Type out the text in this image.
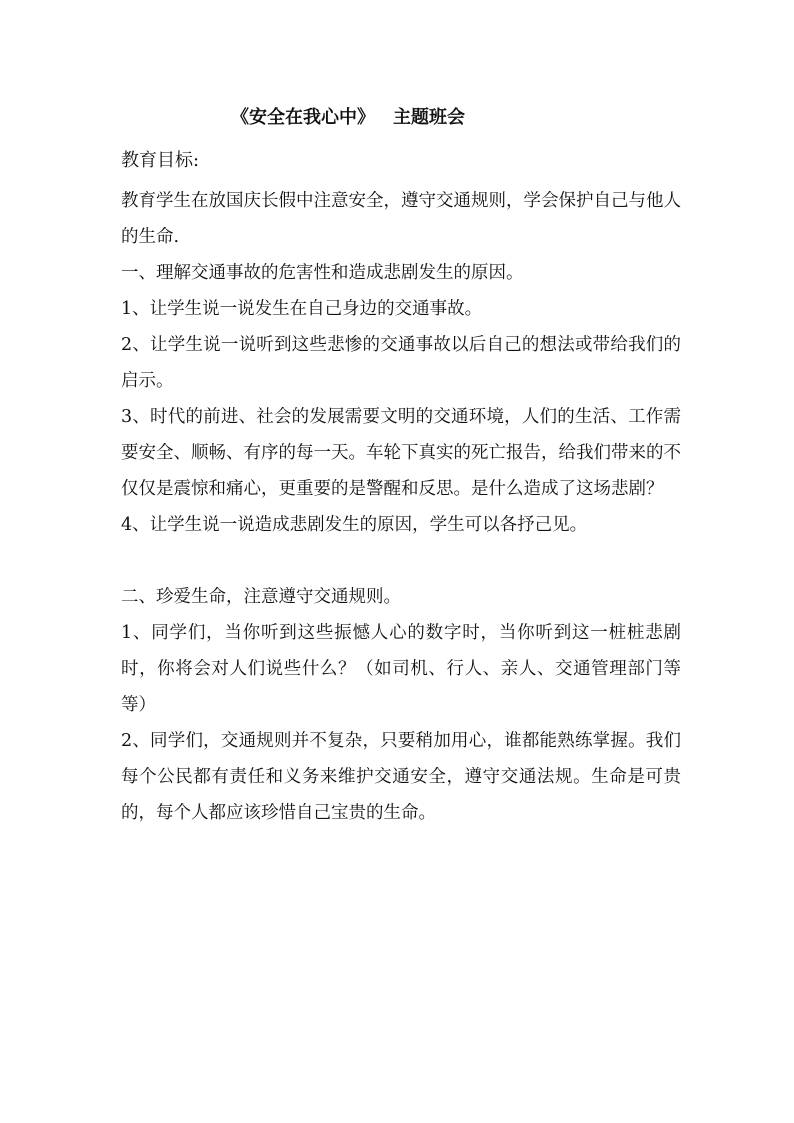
《安全在我心中》 主题班会
教育目标:

教育学生在放国庆长假中注意安全，遵守交通规则，学会保护自己与他人的生命.

一、理解交通事故的危害性和造成悲剧发生的原因。

1、让学生说一说发生在自己身边的交通事故。

2、让学生说一说听到这些悲惨的交通事故以后自己的想法或带给我们的启示。

3、时代的前进、社会的发展需要文明的交通环境，人们的生活、工作需要安全、顺畅、有序的每一天。车轮下真实的死亡报告，给我们带来的不仅仅是震惊和痛心，更重要的是警醒和反思。是什么造成了这场悲剧？

4、让学生说一说造成悲剧发生的原因，学生可以各抒己见。

二、珍爱生命，注意遵守交通规则。

1、同学们，当你听到这些振憾人心的数字时，当你听到这一桩桩悲剧时，你将会对人们说些什么？（如司机、行人、亲人、交通管理部门等等）

2、同学们，交通规则并不复杂，只要稍加用心，谁都能熟练掌握。我们每个公民都有责任和义务来维护交通安全，遵守交通法规。生命是可贵的，每个人都应该珍惜自己宝贵的生命。
